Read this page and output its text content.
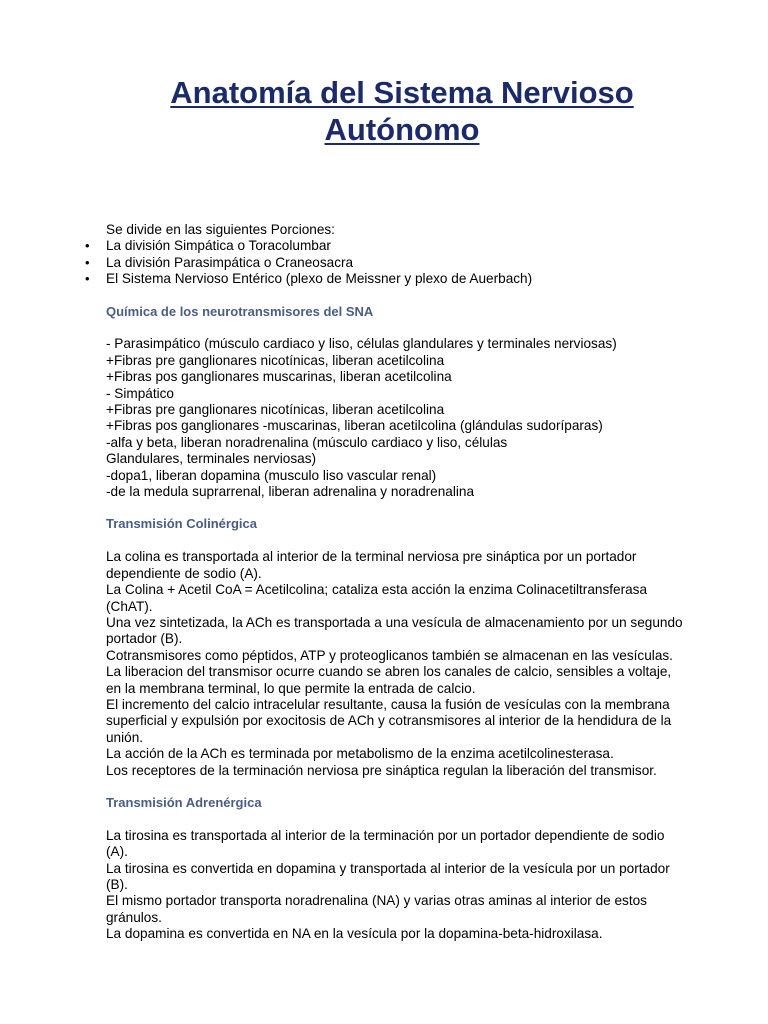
Anatomía del Sistema Nervioso
Autónomo

Se divide en las siguientes Porciones:

• La división Simpática o Toracolumbar
• La división Parasimpática o Craneosacra
• El Sistema Nervioso Entérico (plexo de Meissner y plexo de Auerbach)

Química de los neurotransmisores del SNA

- Parasimpático (músculo cardiaco y liso, células glandulares y terminales nerviosas)

+Fibras pre ganglionares nicotínicas, liberan acetilcolina

+Fibras pos ganglionares muscarinas, liberan acetilcolina

- Simpático

+Fibras pre ganglionares nicotínicas, liberan acetilcolina

+Fibras pos ganglionares -muscarinas, liberan acetilcolina (glándulas sudoríparas)

-alfa y beta, liberan noradrenalina (músculo cardiaco y liso, células

Glandulares, terminales nerviosas)

-dopa1, liberan dopamina (musculo liso vascular renal)

-de la medula suprarrenal, liberan adrenalina y noradrenalina

Transmisión Colinérgica

La colina es transportada al interior de la terminal nerviosa pre sináptica por un portador

dependiente de sodio (A).

La Colina + Acetil CoA = Acetilcolina; cataliza esta acción la enzima Colinacetiltransferasa

(ChAT).

Una vez sintetizada, la ACh es transportada a una vesícula de almacenamiento por un segundo

portador (B).

Cotransmisores como péptidos, ATP y proteoglicanos también se almacenan en las vesículas.

La liberacion del transmisor ocurre cuando se abren los canales de calcio, sensibles a voltaje,

en la membrana terminal, lo que permite la entrada de calcio.

El incremento del calcio intracelular resultante, causa la fusión de vesículas con la membrana

superficial y expulsión por exocitosis de ACh y cotransmisores al interior de la hendidura de la

unión.

La acción de la ACh es terminada por metabolismo de la enzima acetilcolinesterasa.

Los receptores de la terminación nerviosa pre sináptica regulan la liberación del transmisor.

Transmisión Adrenérgica

La tirosina es transportada al interior de la terminación por un portador dependiente de sodio

(A).

La tirosina es convertida en dopamina y transportada al interior de la vesícula por un portador

(B).

El mismo portador transporta noradrenalina (NA) y varias otras aminas al interior de estos

gránulos.

La dopamina es convertida en NA en la vesícula por la dopamina-beta-hidroxilasa.
